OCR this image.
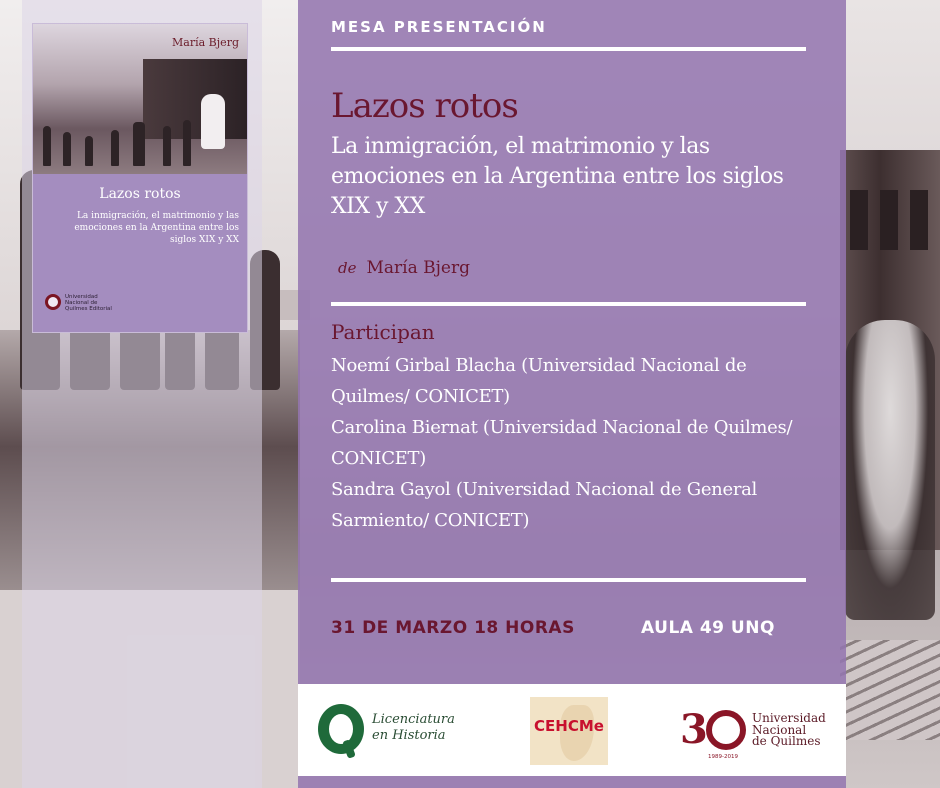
María Bjerg
Lazos rotos
La inmigración, el matrimonio y las emociones en la Argentina entre los siglos XIX y XX
Universidad Nacional de Quilmes Editorial
MESA PRESENTACIÓN
Lazos rotos
La inmigración, el matrimonio y las emociones en la Argentina entre los siglos XIX y XX
de María Bjerg
Participan
Noemí Girbal Blacha (Universidad Nacional de Quilmes/ CONICET)
Carolina Biernat (Universidad Nacional de Quilmes/ CONICET)
Sandra Gayol (Universidad Nacional de General Sarmiento/ CONICET)
31 DE MARZO 18 HORAS	AULA 49 UNQ
Licenciatura
en Historia
CEHCMe 3
1989-2019
Universidad
Nacional
de Quilmes
